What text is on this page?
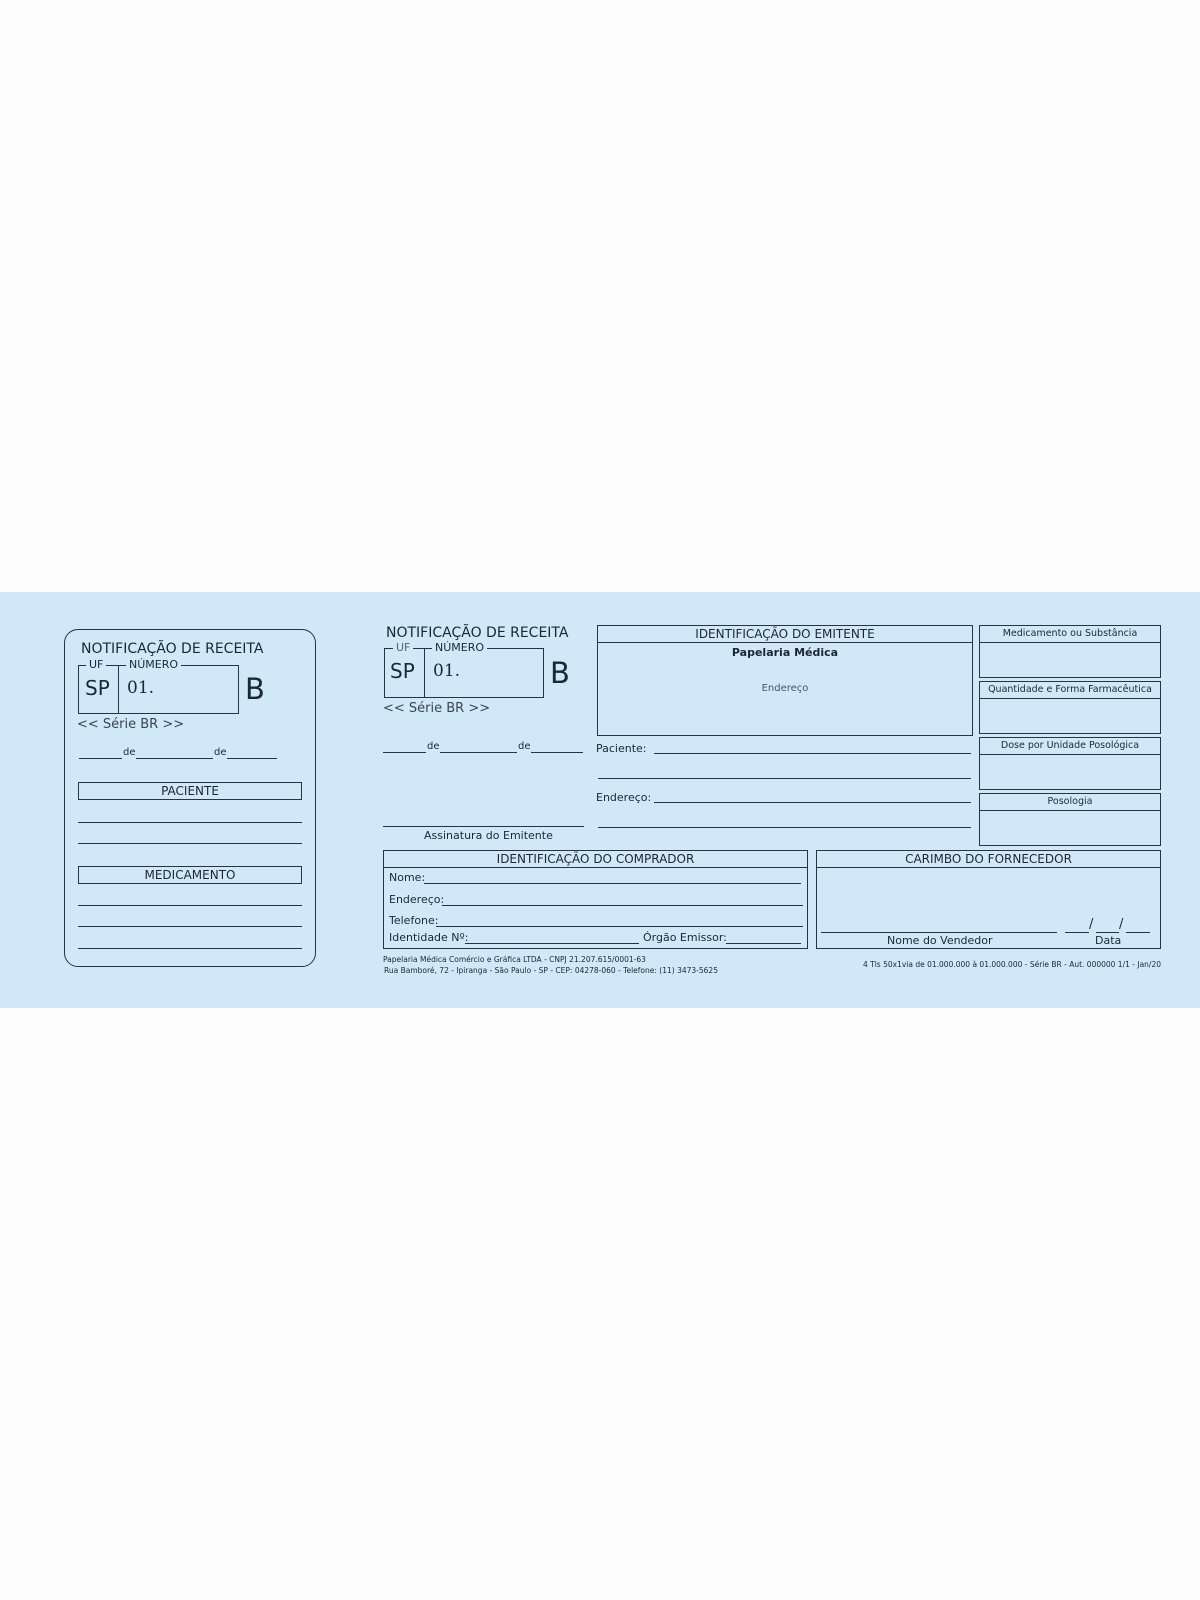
NOTIFICAÇÃO DE RECEITA
UF NÚMERO
SP 01.	B
<< Série BR >>
de	de
PACIENTE
MEDICAMENTO
NOTIFICAÇÃO DE RECEITA
UF NÚMERO
SP 01.	B
<< Série BR >>
de	de
Assinatura do Emitente
IDENTIFICAÇÃO DO EMITENTE
Papelaria Médica
Endereço
Paciente:
Endereço:
Medicamento ou Substância
Quantidade e Forma Farmacêutica
Dose por Unidade Posológica
Posologia
IDENTIFICAÇÃO DO COMPRADOR
Nome:
Endereço:
Telefone:
Identidade Nº:	Órgão Emissor:
CARIMBO DO FORNECEDOR
Nome do Vendedor
/ /
Data
Papelaria Médica Comércio e Gráfica LTDA - CNPJ 21.207.615/0001-63
Rua Bamboré, 72 - Ipiranga - São Paulo - SP - CEP: 04278-060 - Telefone: (11) 3473-5625
4 Tls 50x1via de 01.000.000 à 01.000.000 - Série BR - Aut. 000000 1/1 - Jan/20
